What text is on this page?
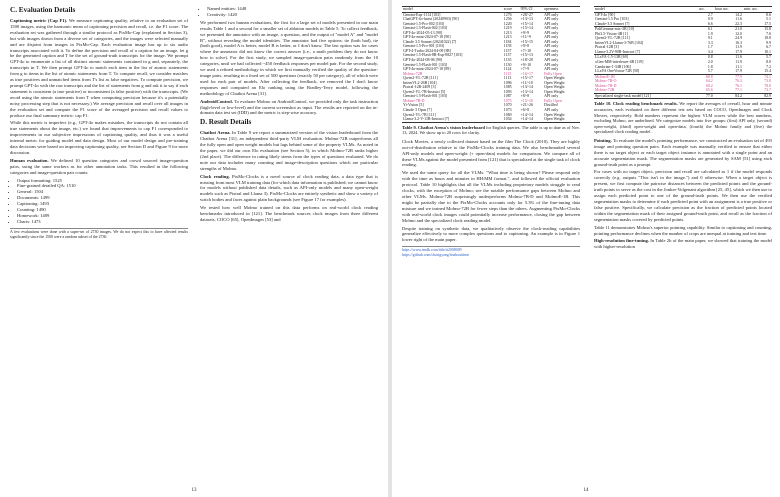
C. Evaluation Details

Captioning metric (Cap F1). We measure captioning quality, relative to an evaluation set of 1500 images, using the harmonic mean of captioning precision and recall, i.e. the F1 score. The evaluation set was gathered through a similar protocol as PixMo-Cap (explained in Section 3), but with images drawn from a diverse set of categories, and the images were selected manually and are disjoint from images in PixMo-Cap. Each evaluation image has up to six audio transcripts associated with it. To define the precision and recall of a caption for an image, let g be the generated caption and T be the set of ground-truth transcripts for the image. We prompt GPT-4o to enumerate a list of all distinct atomic statements contained in g and, separately, the transcripts in T. We then prompt GPT-4o to match each item in the list of atomic statements from g to items in the list of atomic statements from T. To compute recall, we consider matches as true positives and unmatched items from T's list as false negatives. To compute precision, we prompt GPT-4o with the raw transcripts and the list of statements from g and ask it to say if each statement is consistent (a true positive) or inconsistent (a false positive) with the transcripts. (We avoid using the atomic statements from T when computing precision because it's a potentially noisy processing step that is not necessary.) We average precision and recall over all images in the evaluation set and compute the F1 score of the averaged precision and recall values to produce our final summary metric: cap F1.

While this metric is imperfect (e.g., GPT-4o makes mistakes, the transcripts do not contain all true statements about the image, etc.) we found that improvements to cap F1 corresponded to improvements in our subjective impressions of captioning quality, and thus it was a useful internal metric for guiding model and data design. Most of our model design and pre-training data decisions were based on improving captioning quality, see Section D and Figure 9 for more discussion.

Human evaluation. We defined 10 question categories and crowd sourced image-question pairs, using the same workers as for other annotation tasks. This resulted in the following categories and image-question pair counts:

• Output formatting: 1525
• Fine-grained detailed QA: 1510
• General: 1504
• Documents: 1499
• Captioning: 1493
• Counting: 1490
• Homework: 1489
• Charts: 1473
A few evaluations were done with a super-set of 2730 images. We do not expect this to have affected results significantly since the 1500 were a random subset of the 2730.
• Named entities: 1448
• Creativity: 1420

We performed two human evaluations, the first for a large set of models presented in our main results Table 1 and a second for a smaller set of ablation models in Table 5. To collect feedback, we presented the annotator with an image, a question, and the output of "model A" and "model B", without revealing the model identities. The annotator had five options: tie (both bad), tie (both good), model A is better, model B is better, or I don't know. The last option was for cases where the annotator did not know the correct answer (i.e., a math problem they do not know how to solve). For the first study, we sampled image-question pairs randomly from the 10 categories, until we had collected ~450 feedback responses per model pair. For the second study, we used a refined methodology in which we first manually verified the quality of the question-image pairs, resulting in a fixed set of 500 questions (exactly 50 per category), all of which were used for each pair of models. After collecting the feedback, we removed the I don't know responses and computed an Elo ranking using the Bradley-Terry model, following the methodology of Chatbot Arena [31].

AndroidControl. To evaluate Molmo on AndroidControl, we provided only the task instruction (high-level or low-level) and the current screenshot as input. The results are reported on the in-domain data test set (IDD) and the metric is step-wise accuracy.

D. Result Details

Chatbot Arena. In Table 9 we report a summarized version of the vision leaderboard from the Chatbot Arena [31], an independent third-party VLM evaluation. Molmo-72B outperforms all the fully open and open weight models but lags behind some of the property VLMs. As noted in the paper, we did our own Elo evaluation (see Section 5), in which Molmo-72B ranks higher (2nd place). The difference in rating likely stems from the types of questions evaluated. We do note our data includes many counting and image-description questions which are particular strengths of Molmo.

Clock reading. PixMo-Clocks is a novel source of clock reading data, a data type that is missing from most VLM training data (for which data information is published; we cannot know for models without published data details, such as API-only models and many open-weight models such as Pixtral and Llama 3). PixMo-Clocks are entirely synthetic and show a variety of watch bodies and faces against plain backgrounds (see Figure 17 for examples).

We tested how well Molmo trained on this data performs on real-world clock reading benchmarks introduced in [121]. The benchmark sources clock images from three different datasets, COCO [65], OpenImages [53] and

13
model	score	95% CI	openness
Gemini-Exp-1114 [103]	1276	+28/-27	API only
ChatGPT-4o-latest (20240903) [90]	1256	+13/-13	API only
Gemini-1.5-Pro-002 [103]	1220	+15/-14	API only
Gemini-1.5-Flash-002 [103]	1219	+15/-14	API only
GPT-4o-2024-05-13 [90]	1213	+9/-9	API only
GPT-4o-mini-2024-07-18 [90]	1213	+11/-9	API only
Claude 3.5 Sonnet (20241022) [7]	1184	+15/-15	API only
Gemini-1.5-Pro-001 [103]	1158	+9/-8	API only
GPT-4-Turbo-2024-04-09 [88]	1157	+7/-10	API only
Gemini-1.5-Flash-8B-Exp-0827 [103]	1137	+15/-13	API only
GPT-4o-2024-08-06 [90]	1135	+18/-20	API only
Gemini-1.5-Flash-001 [103]	1130	+9/-10	API only
GPT-4o-mini-2024-07-18 [89]	1124	+7/-9	API only
Molmo-72B	1115	+16/-17	Fully Open
Qwen2-VL-72B [111]	1113	+15/-17	Open Weight
InternVL2-26B [104]	1096	+11/-10	Open Weight
Pixtral-12B-2409 [3]	1085	+13/-14	Open Weight
Qwen2-VL-7B-Instruct [5]	1093	+13/-14	Open Weight
Gemini-1.5-Flash-001 [103]	1087	+8/-8	API only
Molmo-7B-D	1075	+15/-16	Fully Open
Yi-Vision [5]	1070	+21/-26	Distilled
Claude 3 Opus [7]	1073	+6/-8	API only
Qwen2-VL-7B [111]	1069	+14/-14	Open Weight
Llama-3.2-V-11B-Instruct [7]	1054	+14/-14	Open Weight
Table 9. Chatbot Arena's vision leaderboard for English queries. The table is up to date as of Nov. 13, 2024. We show up to 20 rows for clarity.

Clock Movies, a newly collected dataset based on the film The Clock (2010). They are highly out-of-distribution relative to the PixMo-Clocks training data. We also benchmarked several API-only models and open-weight (+ open-data) models for comparison. We compare all of these VLMs against the model presented from [121] that is specialized at the single task of clock reading.

We used the same query for all the VLMs: "What time is being shown? Please respond only with the time as hours and minutes in HH:MM format.", and followed the official evaluation protocol. Table 10 highlights that all the VLMs including proprietary models struggle to read clocks, with the exception of Molmo; see the notable performance gaps between Molmo and other VLMs. Molmo-72B surprisingly underperforms Molmo-7B-D and MolmoE-1B. This might be partially due to the PixMo-Clocks accounts only for 5.3% of the fine-tuning data mixture and we trained Molmo-72B for fewer steps than the others. Augmenting PixMo-Clocks with real-world clock images could potentially increase performance, closing the gap between Molmo and the specialized clock reading model.

Despite training on synthetic data, we qualitatively observe the clock-reading capabilities generalize effectively to more complex questions and to captioning. An example is in Figure 1 lower right of the main paper.

https://www.imdb.com/title/tt2008009
https://github.com/charigyang/itsabouttime
model	acc.	hour acc.	min. acc.
GPT-4o [90]	2.7	14.2	8.6
Gemini-1.5 Pro [103]	0.9	11.6	5.1
Claude-3.5 Sonnet [7]	6.6	22.3	17.5
PaliGemma-mix-3B [10]	6.1	21.0	15.8
Phi3.5-Vision-4B [1]	1.9	12.0	7.6
Qwen2-VL-72B [111]	9.1	24.9	18.8
InternVL2-Llama-3-76B [104]	3.3	16.3	9.9
Pixtral-12B [3]	1.7	11.9	6.7
Llama-3.2V-90B-Instruct [7]	3.4	17.9	10.1
LLaVA-1.5-13B [69]	0.8	11.6	5.7
xGen-MM-interleave-4B [119]	2.0	11.9	8.0
Cambrian-1-34B [106]	1.8	11.1	7.2
LLaVA OneVision-72B [58]	5.7	17.9	15.4
MolmoE-1B	68.8	77.9	74.1
Molmo-7B-O	64.2	76.3	73.8
Molmo-7B-D	68.2	76.1	78.0
Molmo-72B	65.6	77.1	73.7
Specialized single-task model [121]	77.0	84.2	82.9
Table 10. Clock reading benchmark results. We report the averages of overall, hour and minute accuracies, each evaluated on three different test sets based on COCO, OpenImages and Clock Movies, respectively. Bold numbers represent the highest VLM scores while the best numbers, excluding Molmo, are underlined. We categorize models into five groups: (first) API only, (second) open-weight, (third) open-weight and open-data, (fourth) the Molmo family and (five) the specialized clock reading model.

Pointing. To evaluate the model's pointing performance, we constructed an evaluation set of 493 image and pointing question pairs. Each example was manually verified to ensure that either there is no target object or each target object instance is annotated with a single point and an accurate segmentation mask. The segmentation masks are generated by SAM [51] using each ground-truth point as a prompt.

For cases with no target object, precision and recall are calculated as 1 if the model responds correctly (e.g. outputs "This isn't in the image.") and 0 otherwise. When a target object is present, we first compute the pairwise distances between the predicted points and the ground-truth points to serve as the cost in the Jonker-Volgenant algorithm [25, 45], which we then use to assign each predicted point to one of the ground-truth points. We then use the verified segmentation masks to determine if each predicted point with an assignment is a true positive or false positive. Specifically, we calculate precision as the fraction of predicted points located within the segmentation mask of their assigned ground-truth point, and recall as the fraction of segmentation masks covered by predicted points.

Table 11 demonstrates Molmo's superior pointing capability. Similar to captioning and counting, pointing performance declines when the number of crops are unequal at training and test time.

High-resolution fine-tuning. In Table 2b of the main paper, we showed that training the model with higher-resolution

14
